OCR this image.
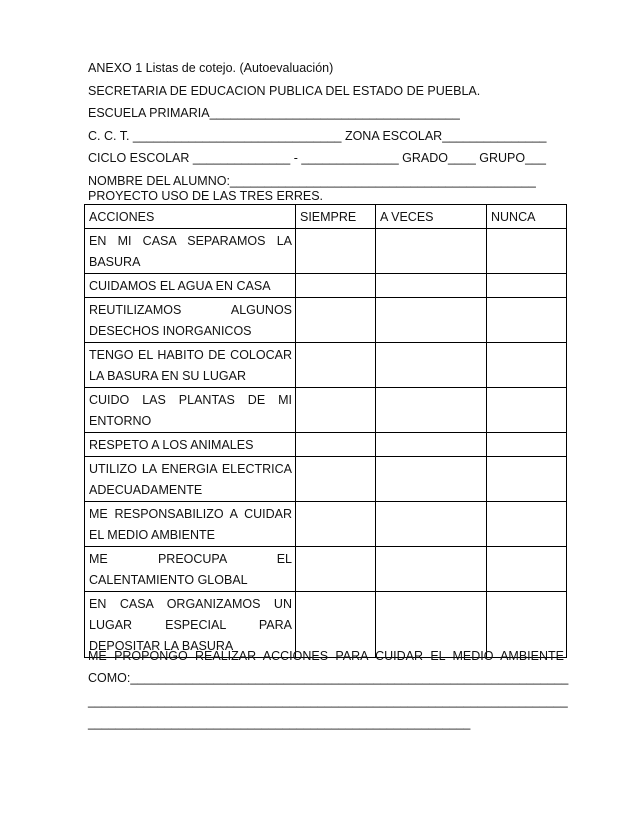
ANEXO 1 Listas de cotejo. (Autoevaluación)
SECRETARIA DE EDUCACION PUBLICA DEL ESTADO DE PUEBLA.
ESCUELA PRIMARIA____________________________________
C. C. T. ______________________________ ZONA ESCOLAR_______________
CICLO ESCOLAR ______________ - ______________ GRADO____ GRUPO___
NOMBRE DEL ALUMNO:____________________________________________
PROYECTO USO DE LAS TRES ERRES.
ACCIONES	SIEMPRE	A VECES	NUNCA
EN MI CASA SEPARAMOS LA BASURA			
CUIDAMOS EL AGUA EN CASA			
REUTILIZAMOS ALGUNOS DESECHOS INORGANICOS			
TENGO EL HABITO DE COLOCAR LA BASURA EN SU LUGAR			
CUIDO LAS PLANTAS DE MI ENTORNO			
RESPETO A LOS ANIMALES			
UTILIZO LA ENERGIA ELECTRICA ADECUADAMENTE			
ME RESPONSABILIZO A CUIDAR EL MEDIO AMBIENTE			
ME PREOCUPA EL CALENTAMIENTO GLOBAL			
EN CASA ORGANIZAMOS UN LUGAR ESPECIAL PARA DEPOSITAR LA BASURA			
ME PROPONGO REALIZAR ACCIONES PARA CUIDAR EL MEDIO AMBIENTE
COMO:_______________________________________________________________
_____________________________________________________________________
_______________________________________________________
